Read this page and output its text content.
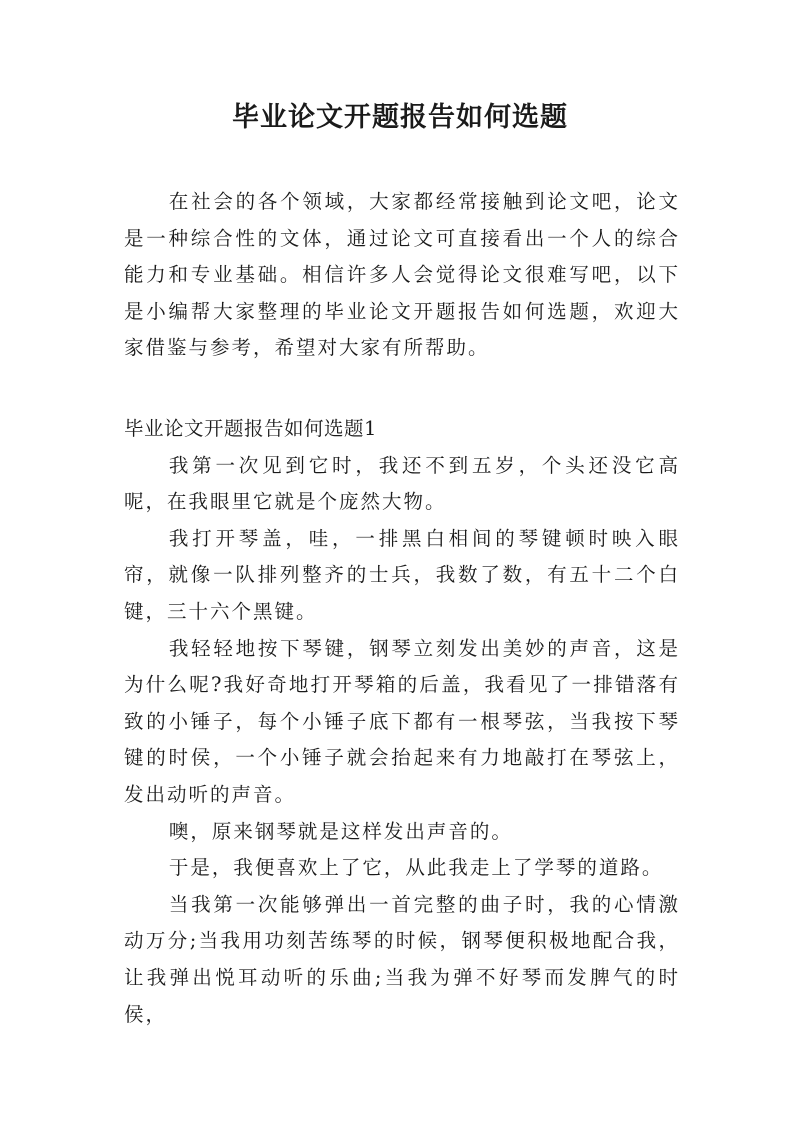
毕业论文开题报告如何选题

在社会的各个领域，大家都经常接触到论文吧，论文是一种综合性的文体，通过论文可直接看出一个人的综合能力和专业基础。相信许多人会觉得论文很难写吧，以下是小编帮大家整理的毕业论文开题报告如何选题，欢迎大家借鉴与参考，希望对大家有所帮助。

毕业论文开题报告如何选题1

我第一次见到它时，我还不到五岁，个头还没它高呢，在我眼里它就是个庞然大物。

我打开琴盖，哇，一排黑白相间的琴键顿时映入眼帘，就像一队排列整齐的士兵，我数了数，有五十二个白键，三十六个黑键。

我轻轻地按下琴键，钢琴立刻发出美妙的声音，这是为什么呢?我好奇地打开琴箱的后盖，我看见了一排错落有致的小锤子，每个小锤子底下都有一根琴弦，当我按下琴键的时侯，一个小锤子就会抬起来有力地敲打在琴弦上，发出动听的声音。

噢，原来钢琴就是这样发出声音的。

于是，我便喜欢上了它，从此我走上了学琴的道路。

当我第一次能够弹出一首完整的曲子时，我的心情激动万分;当我用功刻苦练琴的时候，钢琴便积极地配合我，让我弹出悦耳动听的乐曲;当我为弹不好琴而发脾气的时侯，
